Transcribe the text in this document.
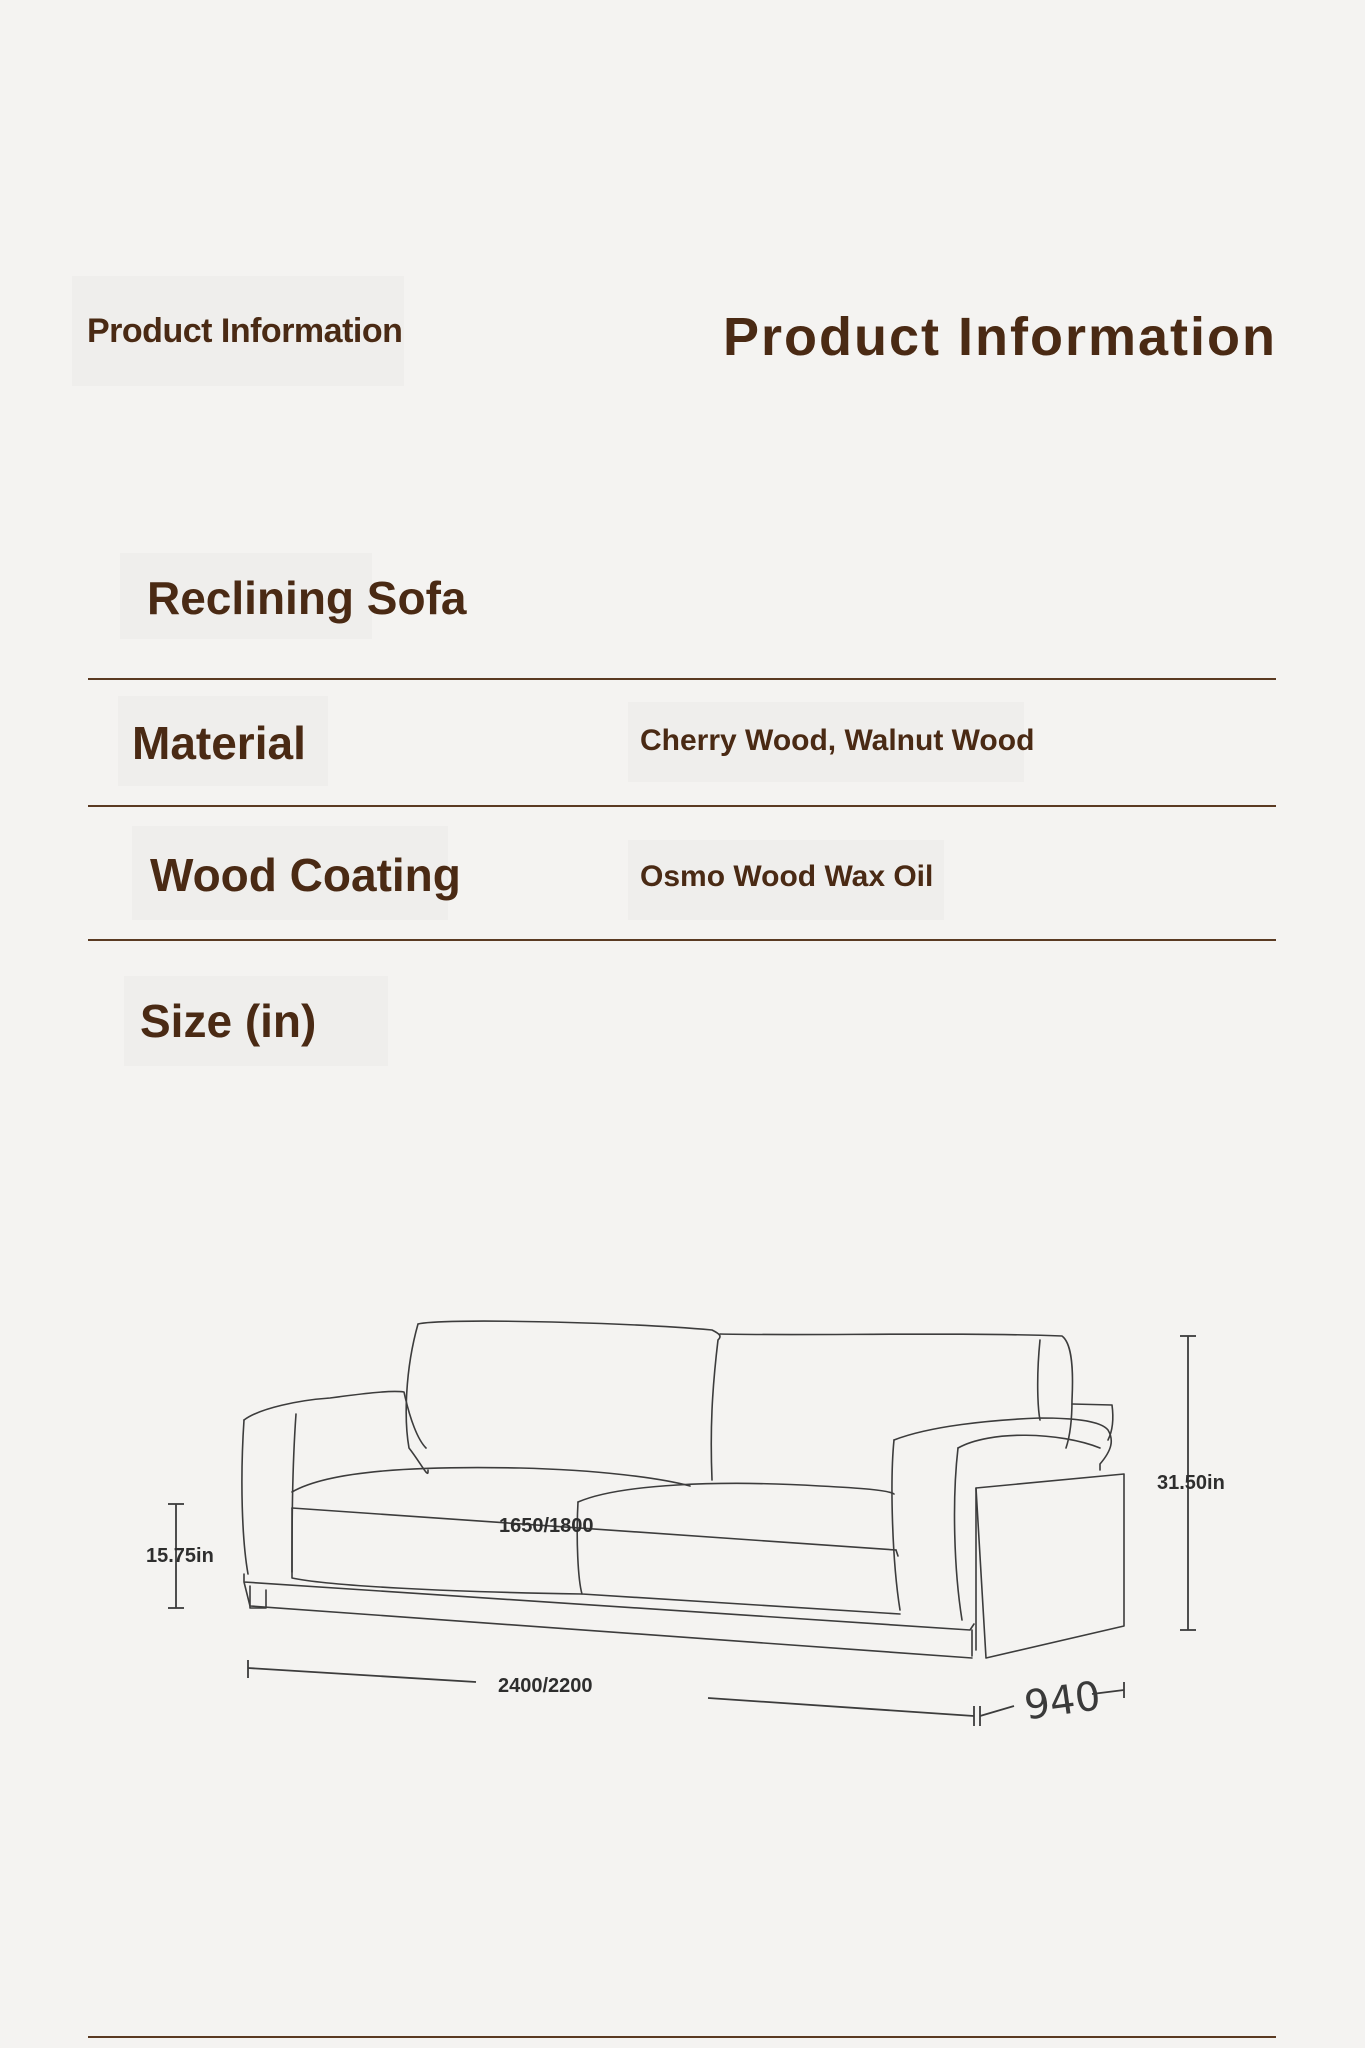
Product Information	Product Information
Reclining Sofa
Material	Cherry Wood, Walnut Wood
Wood Coating	Osmo Wood Wax Oil
Size (in)
15.75in
1650/1800
31.50in
2400/2200	940
